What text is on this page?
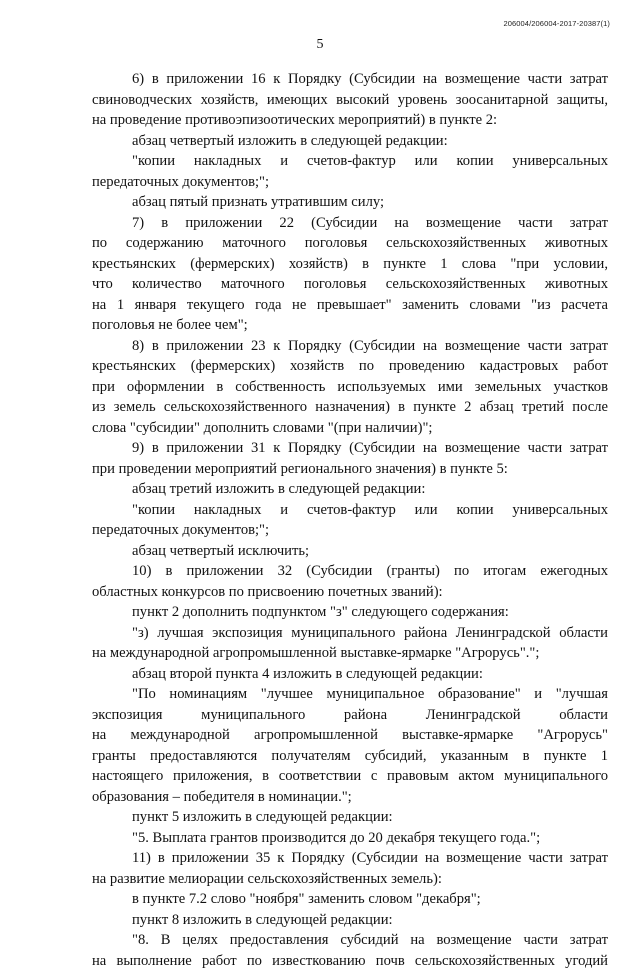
206004/206004-2017-20387(1)
5

6) в приложении 16 к Порядку (Субсидии на возмещение части затрат

свиноводческих хозяйств, имеющих высокий уровень зоосанитарной защиты,

на проведение противоэпизоотических мероприятий) в пункте 2:

абзац четвертый изложить в следующей редакции:

"копии накладных и счетов-фактур или копии универсальных

передаточных документов;";

абзац пятый признать утратившим силу;

7) в приложении 22 (Субсидии на возмещение части затрат

по содержанию маточного поголовья сельскохозяйственных животных

крестьянских (фермерских) хозяйств) в пункте 1 слова "при условии,

что количество маточного поголовья сельскохозяйственных животных

на 1 января текущего года не превышает" заменить словами "из расчета

поголовья не более чем";

8) в приложении 23 к Порядку (Субсидии на возмещение части затрат

крестьянских (фермерских) хозяйств по проведению кадастровых работ

при оформлении в собственность используемых ими земельных участков

из земель сельскохозяйственного назначения) в пункте 2 абзац третий после

слова "субсидии" дополнить словами "(при наличии)";

9) в приложении 31 к Порядку (Субсидии на возмещение части затрат

при проведении мероприятий регионального значения) в пункте 5:

абзац третий изложить в следующей редакции:

"копии накладных и счетов-фактур или копии универсальных

передаточных документов;";

абзац четвертый исключить;

10) в приложении 32 (Субсидии (гранты) по итогам ежегодных

областных конкурсов по присвоению почетных званий):

пункт 2 дополнить подпунктом "з" следующего содержания:

"з) лучшая экспозиция муниципального района Ленинградской области

на международной агропромышленной выставке-ярмарке "Агрорусь".";

абзац второй пункта 4 изложить в следующей редакции:

"По номинациям "лучшее муниципальное образование" и "лучшая

экспозиция муниципального района Ленинградской области

на международной агропромышленной выставке-ярмарке "Агрорусь"

гранты предоставляются получателям субсидий, указанным в пункте 1

настоящего приложения, в соответствии с правовым актом муниципального

образования – победителя в номинации.";

пункт 5 изложить в следующей редакции:

"5. Выплата грантов производится до 20 декабря текущего года.";

11) в приложении 35 к Порядку (Субсидии на возмещение части затрат

на развитие мелиорации сельскохозяйственных земель):

в пункте 7.2 слово "ноября" заменить словом "декабря";

пункт 8 изложить в следующей редакции:

"8. В целях предоставления субсидий на возмещение части затрат

на выполнение работ по известкованию почв сельскохозяйственных угодий
